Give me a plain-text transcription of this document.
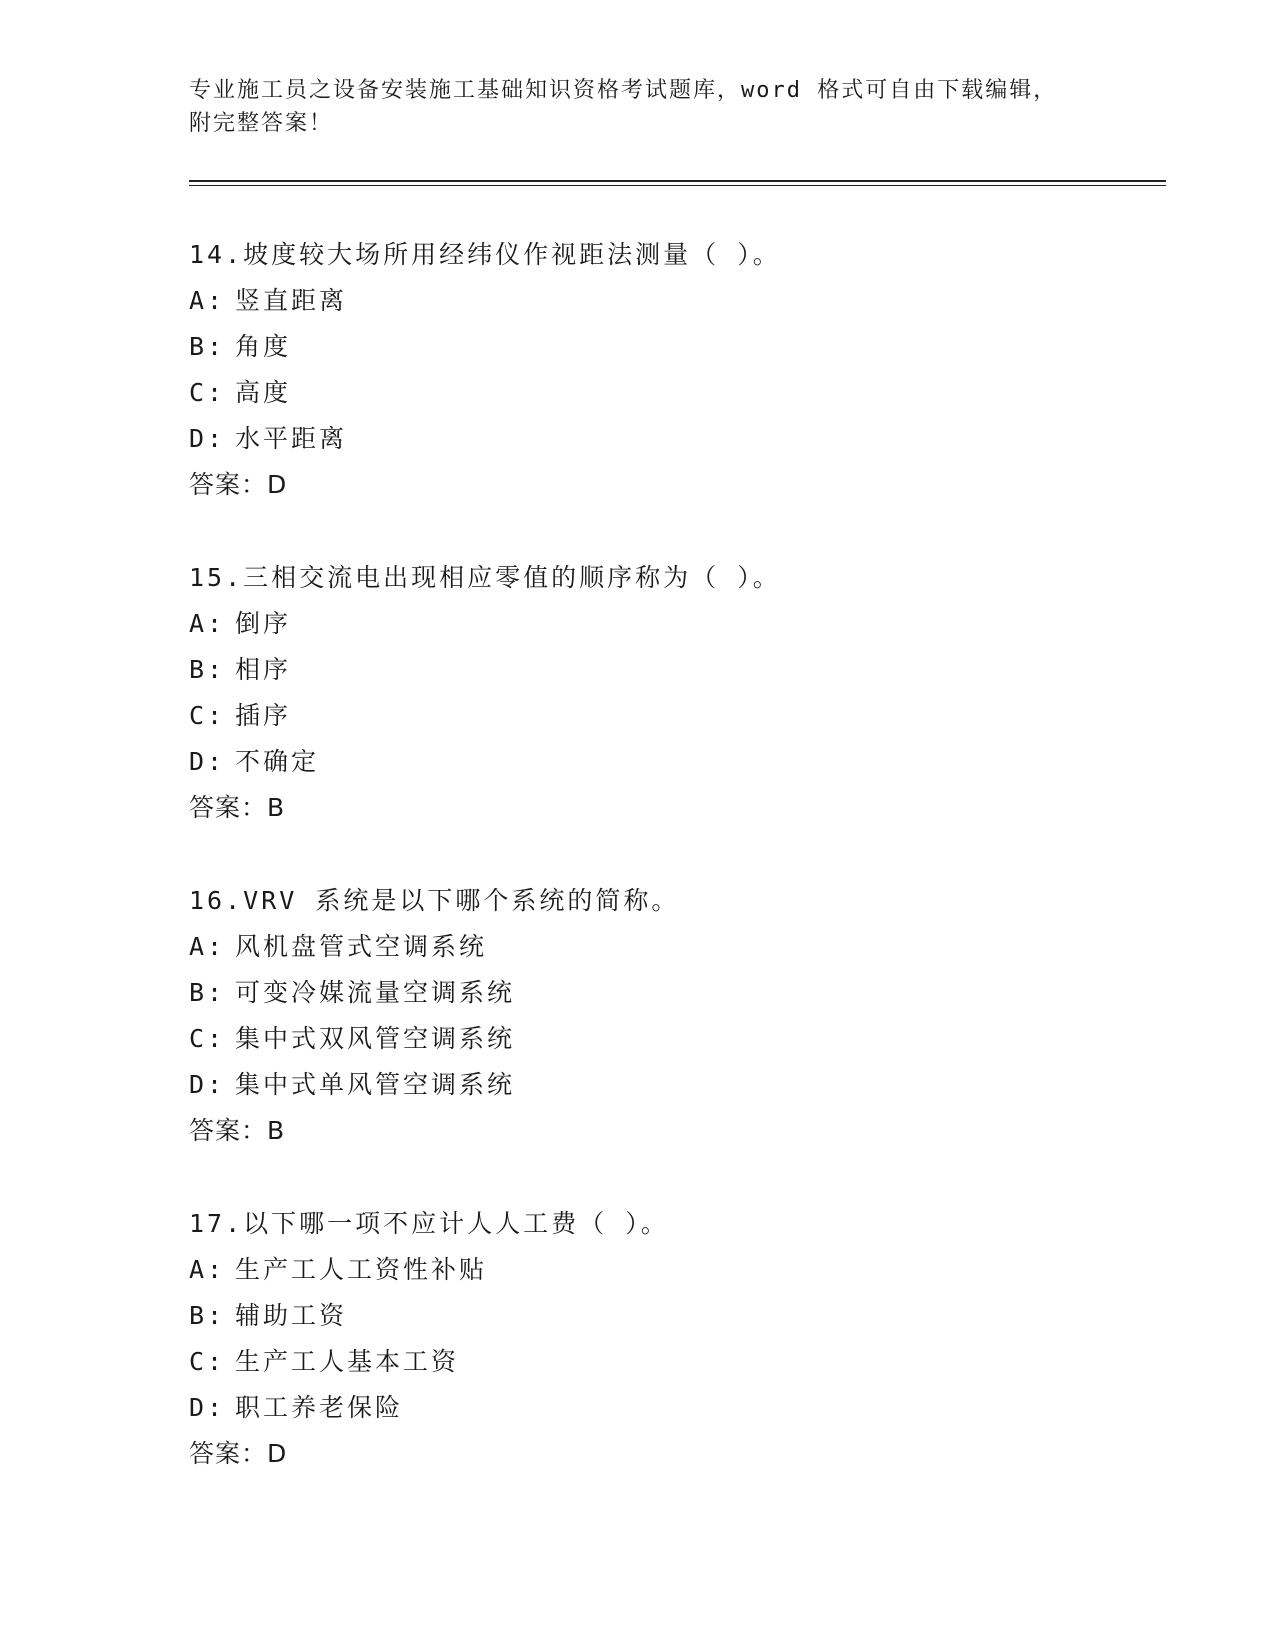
专业施工员之设备安装施工基础知识资格考试题库，word 格式可自由下载编辑，
附完整答案！
14.坡度较大场所用经纬仪作视距法测量（ ）。
A: 竖直距离
B: 角度
C: 高度
D: 水平距离
答案：D
15.三相交流电出现相应零值的顺序称为（ ）。
A: 倒序
B: 相序
C: 插序
D: 不确定
答案：B
16.VRV 系统是以下哪个系统的简称。
A: 风机盘管式空调系统
B: 可变冷媒流量空调系统
C: 集中式双风管空调系统
D: 集中式单风管空调系统
答案：B
17.以下哪一项不应计人人工费（ ）。
A: 生产工人工资性补贴
B: 辅助工资
C: 生产工人基本工资
D: 职工养老保险
答案：D
